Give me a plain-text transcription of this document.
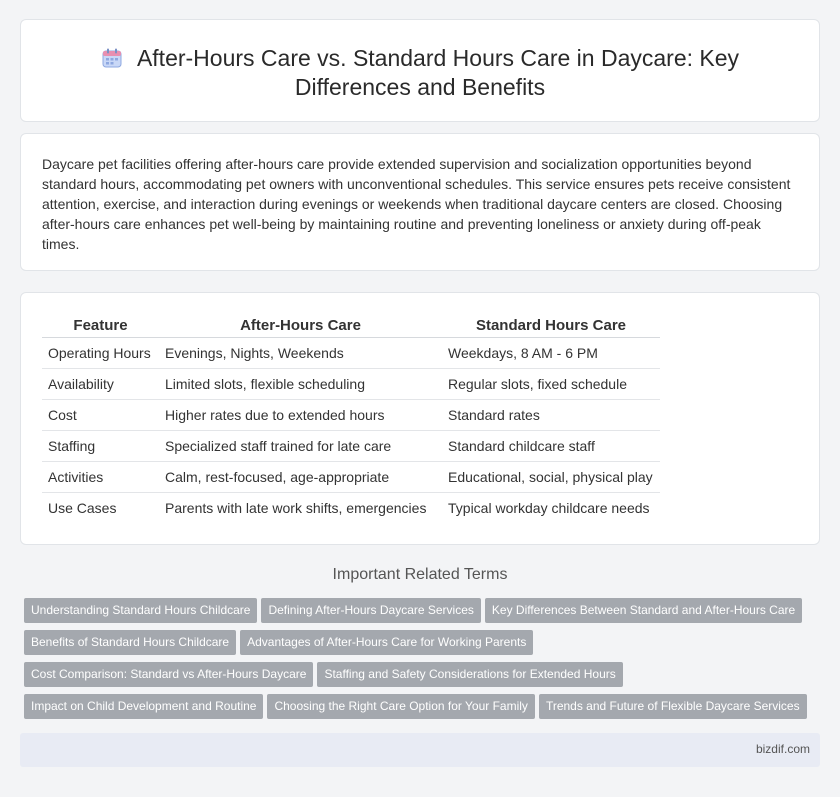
After-Hours Care vs. Standard Hours Care in Daycare: Key Differences and Benefits

Daycare pet facilities offering after-hours care provide extended supervision and socialization opportunities beyond standard hours, accommodating pet owners with unconventional schedules. This service ensures pets receive consistent attention, exercise, and interaction during evenings or weekends when traditional daycare centers are closed. Choosing after-hours care enhances pet well-being by maintaining routine and preventing loneliness or anxiety during off-peak times.

Feature	After-Hours Care	Standard Hours Care
Operating Hours	Evenings, Nights, Weekends	Weekdays, 8 AM - 6 PM
Availability	Limited slots, flexible scheduling	Regular slots, fixed schedule
Cost	Higher rates due to extended hours	Standard rates
Staffing	Specialized staff trained for late care	Standard childcare staff
Activities	Calm, rest-focused, age-appropriate	Educational, social, physical play
Use Cases	Parents with late work shifts, emergencies	Typical workday childcare needs
Important Related Terms
Understanding Standard Hours Childcare Defining After-Hours Daycare Services Key Differences Between Standard and After-Hours Care
Benefits of Standard Hours Childcare Advantages of After-Hours Care for Working Parents
Cost Comparison: Standard vs After-Hours Daycare Staffing and Safety Considerations for Extended Hours
Impact on Child Development and Routine Choosing the Right Care Option for Your Family Trends and Future of Flexible Daycare Services
bizdif.com
